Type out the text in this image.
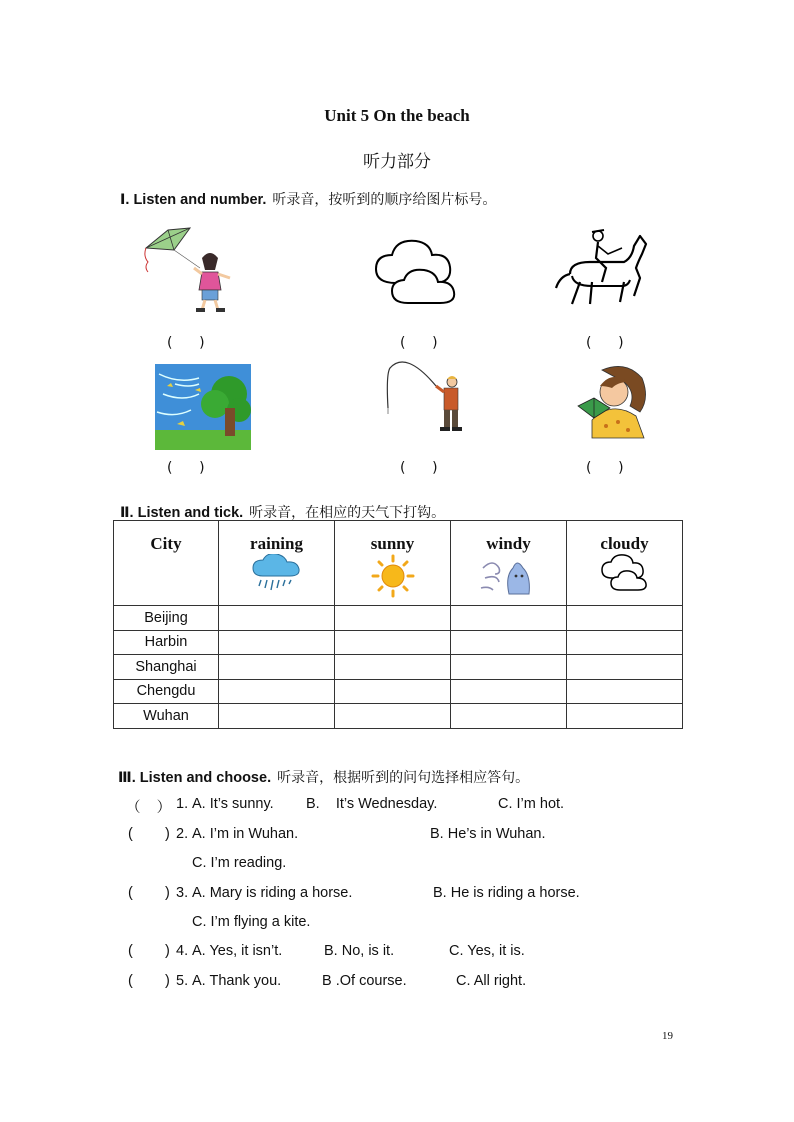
Unit 5 On the beach
听力部分
Ⅰ. Listen and number. 听录音，按听到的顺序给图片标号。
(      )	(      )	(      )
(      )	(      )	(      )
Ⅱ. Listen and tick. 听录音，在相应的天气下打钩。
City	raining	sunny	windy	cloudy

Beijing				
Harbin				
Shanghai				
Chengdu				
Wuhan				
Ⅲ. Listen and choose. 听录音，根据听到的问句选择相应答句。
（    ） 1. A. It’s sunny. B.    It’s Wednesday.	C. I’m hot.
(        ) 2. A. I’m in Wuhan.	B. He’s in Wuhan.
C. I’m reading.
(        ) 3. A. Mary is riding a horse.	B. He is riding a horse.
C. I’m flying a kite.
(        ) 4. A. Yes, it isn’t.	B. No, is it.	C. Yes, it is.
(        ) 5. A. Thank you.	B .Of course.	C. All right.
19
